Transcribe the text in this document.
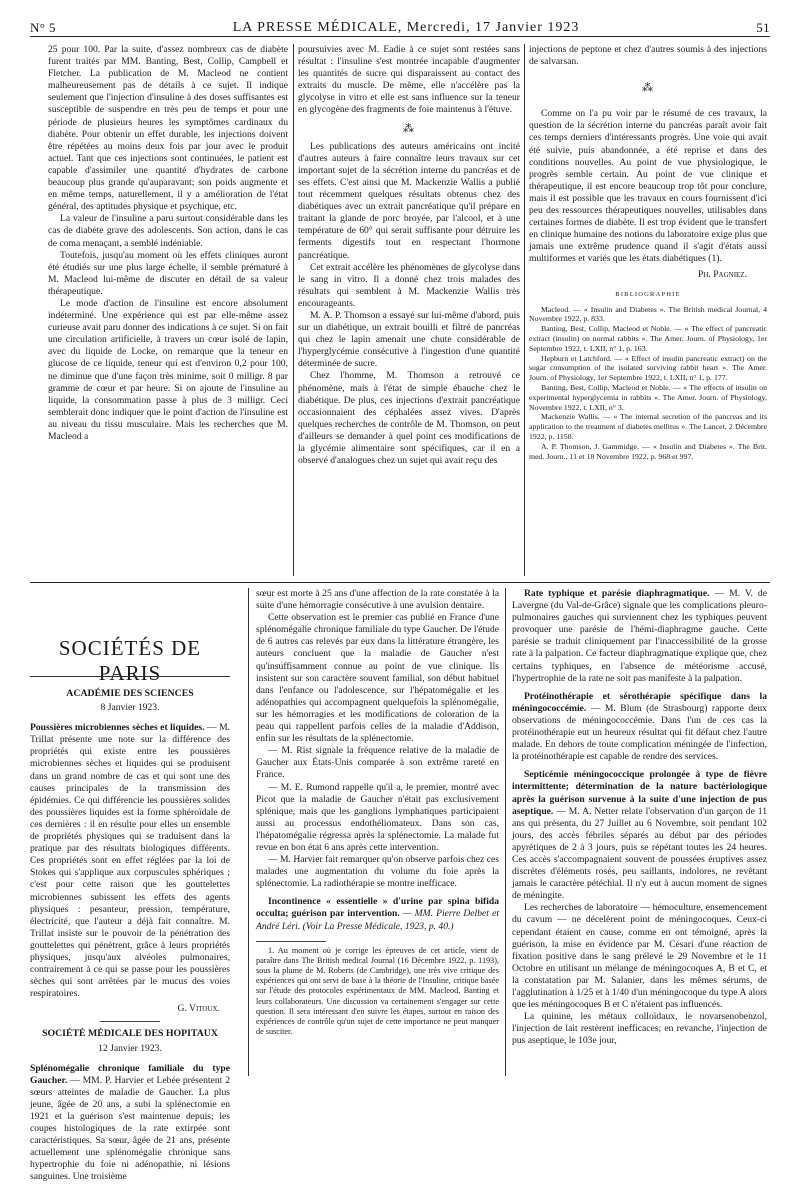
N° 5	LA PRESSE MÉDICALE, Mercredi, 17 Janvier 1923	51

25 pour 100. Par la suite, d'assez nombreux cas de diabète furent traités par MM. Banting, Best, Collip, Campbell et Fletcher. La publication de M. Macleod ne contient malheureusement pas de détails à ce sujet. Il indique seulement que l'injection d'insuline à des doses suffisantes est susceptible de suspendre en très peu de temps et pour une période de plusieurs heures les symptômes cardinaux du diabète. Pour obtenir un effet durable, les injections doivent être répétées au moins deux fois par jour avec le produit actuel. Tant que ces injections sont continuées, le patient est capable d'assimiler une quantité d'hydrates de carbone beaucoup plus grande qu'auparavant; son poids augmente et en même temps, naturellement, il y a amélioration de l'état général, des aptitudes physique et psychique, etc.

La valeur de l'insuline a paru surtout considérable dans les cas de diabète grave des adolescents. Son action, dans le cas de coma menaçant, a semblé indéniable.

Toutefois, jusqu'au moment où les effets cliniques auront été étudiés sur une plus large échelle, il semble prématuré à M. Macleod lui-même de discuter en détail de sa valeur thérapeutique.

Le mode d'action de l'insuline est encore absolument indéterminé. Une expérience qui est par elle-même assez curieuse avait paru donner des indications à ce sujet. Si on fait une circulation artificielle, à travers un cœur isolé de lapin, avec du liquide de Locke, on remarque que la teneur en glucose de ce liquide, teneur qui est d'environ 0,2 pour 100, ne diminue que d'une façon très minime, soit 0 milligr. 8 par gramme de cœur et par heure. Si on ajoute de l'insuline au liquide, la consommation passe à plus de 3 milligr. Ceci semblerait donc indiquer que le point d'action de l'insuline est au niveau du tissu musculaire. Mais les recherches que M. Macleod a

poursuivies avec M. Eadie à ce sujet sont restées sans résultat : l'insuline s'est montrée incapable d'augmenter les quantités de sucre qui disparaissent au contact des extraits du muscle. De même, elle n'accélère pas la glycolyse in vitro et elle est sans influence sur la teneur en glycogène des fragments de foie maintenus à l'étuve.

⁂

Les publications des auteurs américains ont incité d'autres auteurs à faire connaître leurs travaux sur cet important sujet de la sécrétion interne du pancréas et de ses effets. C'est ainsi que M. Mackenzie Wallis a publié tout récemment quelques résultats obtenus chez des diabétiques avec un extrait pancréatique qu'il prépare en traitant la glande de porc broyée, par l'alcool, et à une température de 60° qui serait suffisante pour détruire les ferments digestifs tout en respectant l'hormone pancréatique.

Cet extrait accélère les phénomènes de glycolyse dans le sang in vitro. Il a donné chez trois malades des résultats qui semblent à M. Mackenzie Wallis très encourageants.

M. A. P. Thomson a essayé sur lui-même d'abord, puis sur un diabétique, un extrait bouilli et filtré de pancréas qui chez le lapin amenait une chute considérable de l'hyperglycémie consécutive à l'ingestion d'une quantité déterminée de sucre.

Chez l'homme, M. Thomson a retrouvé ce phénomène, mais à l'état de simple ébauche chez le diabétique. De plus, ces injections d'extrait pancréatique occasionnaient des céphalées assez vives. D'après quelques recherches de contrôle de M. Thomson, on peut d'ailleurs se demander à quel point ces modifications de la glycémie alimentaire sont spécifiques, car il en a observé d'analogues chez un sujet qui avait reçu des

injections de peptone et chez d'autres soumis à des injections de salvarsan.

⁂

Comme on l'a pu voir par le résumé de ces travaux, la question de la sécrétion interne du pancréas paraît avoir fait ces temps derniers d'intéressants progrès. Une voie qui avait été suivie, puis abandonnée, a été reprise et dans des conditions nouvelles. Au point de vue physiologique, le progrès semble certain. Au point de vue clinique et thérapeutique, il est encore beaucoup trop tôt pour conclure, mais il est possible que les travaux en cours fournissent d'ici peu des ressources thérapeutiques nouvelles, utilisables dans certaines formes de diabète. Il est trop évident que le transfert en clinique humaine des notions du laboratoire exige plus que jamais une extrême prudence quand il s'agit d'états aussi multiformes et variés que les états diabétiques (1).

Ph. Pagniez.
BIBLIOGRAPHIE

Macleod. — « Insulin and Diabetes ». The British medical Journal, 4 Novembre 1922, p. 833.

Banting, Best, Collip, Macleod et Noble. — « The effect of pancreatic extract (insulin) on normal rabbits ». The Amer. Journ. of Physiology, 1er Septembre 1922, t. LXII, n° 1, p. 163.

Hepburn et Latchford. — « Effect of insulin pancreatic extract) on the sugar consumption of the isolated surviving rabbit heart ». The Amer. Journ. of Physiology, 1er Septembre 1922, t. LXII, n° 1, p. 177.

Banting, Best, Collip, Macleod et Noble. — « The effects of insulin on experimental hyperglycemia in rabbits ». The Amer. Journ. of Physiology, Novembre 1922, t. LXII, n° 3.

Mackenzie Wallis. — « The internal secretion of the pancreas and its application to the treatment of diabetes mellitus ». The Lancet, 2 Décembre 1922, p. 1158.

A. P. Thomson, J. Gammidge. — « Insulin and Diabetes ». The Brit. med. Journ., 11 et 18 Novembre 1922, p. 968 et 997.

SOCIÉTÉS DE PARIS
ACADÉMIE DES SCIENCES
8 Janvier 1923.

Poussières microbiennes sèches et liquides. — M. Trillat présente une note sur la différence des propriétés qui existe entre les poussières microbiennes sèches et liquides qui se produisent dans un grand nombre de cas et qui sont une des causes principales de la transmission des épidémies. Ce qui différencie les poussières solides des poussières liquides est la forme sphéroïdale de ces dernières : il en résulte pour elles un ensemble de propriétés physiques qui se traduisent dans la pratique par des résultats biologiques différents. Ces propriétés sont en effet réglées par la loi de Stokes qui s'applique aux corpuscules sphériques ; c'est pour cette raison que les gouttelettes microbiennes subissent les effets des agents physiques : pesanteur, pression, température, électricité, que l'auteur a déjà fait connaître. M. Trillat insiste sur le pouvoir de la pénétration des gouttelettes qui pénètrent, grâce à leurs propriétés physiques, jusqu'aux alvéoles pulmonaires, contrairement à ce qui se passe pour les poussières sèches qui sont arrêtées par le mucus des voies respiratoires.

G. Vitoux.
SOCIÉTÉ MÉDICALE DES HOPITAUX
12 Janvier 1923.

Splénomégalie chronique familiale du type Gaucher. — MM. P. Harvier et Lebée présentent 2 sœurs atteintes de maladie de Gaucher. La plus jeune, âgée de 20 ans, a subi la splénectomie en 1921 et la guérison s'est maintenue depuis; les coupes histologiques de la rate extirpée sont caractéristiques. Sa sœur, âgée de 21 ans, présente actuellement une splénomégalie chronique sans hypertrophie du foie ni adénopathie, ni lésions sanguines. Une troisième

sœur est morte à 25 ans d'une affection de la rate constatée à la suite d'une hémorragie consécutive à une avulsion dentaire.

Cette observation est le premier cas publié en France d'une splénomégalie chronique familiale du type Gaucher. De l'étude de 6 autres cas relevés par eux dans la littérature étrangère, les auteurs concluent que la maladie de Gaucher n'est qu'insuffisamment connue au point de vue clinique. Ils insistent sur son caractère souvent familial, son début habituel dans l'enfance ou l'adolescence, sur l'hépatomégalie et les adénopathies qui accompagnent quelquefois la splénomégalie, sur les hémorragies et les modifications de coloration de la peau qui rappellent parfois celles de la maladie d'Addison, enfin sur les résultats de la splénectomie.

— M. Rist signale la fréquence relative de la maladie de Gaucher aux États-Unis comparée à son extrême rareté en France.

— M. E. Rumond rappelle qu'il a, le premier, montré avec Picot que la maladie de Gaucher n'était pas exclusivement splénique, mais que les ganglions lymphatiques participaient aussi au processus endothéliomateux. Dans son cas, l'hépatomégalie régressa après la splénectomie. La malade fut revue en bon état 6 ans après cette intervention.

— M. Harvier fait remarquer qu'on observe parfois chez ces malades une augmentation du volume du foie après la splénectomie. La radiothérapie se montre inefficace.

Incontinence « essentielle » d'urine par spina bifida occulta; guérison par intervention. — MM. Pierre Delbet et André Léri. (Voir La Presse Médicale, 1923, p. 40.)

1. Au moment où je corrige les épreuves de cet article, vient de paraître dans The British medical Journal (16 Décembre 1922, p. 1193), sous la plume de M. Roberts (de Cambridge), une très vive critique des expériences qui ont servi de base à la théorie de l'Insuline, critique basée sur l'étude des protocoles expérimentaux de MM. Macleod, Banting et leurs collaborateurs. Une discussion va certainement s'engager sur cette question. Il sera intéressant d'en suivre les étapes, surtout en raison des expériences de contrôle qu'un sujet de cette importance ne peut manquer de susciter.

Rate typhique et parésie diaphragmatique. — M. V. de Lavergne (du Val-de-Grâce) signale que les complications pleuro-pulmonaires gauches qui surviennent chez les typhiques peuvent provoquer une parésie de l'hémi-diaphragme gauche. Cette parésie se traduit cliniquement par l'inaccessibilité de la grosse rate à la palpation. Ce facteur diaphragmatique explique que, chez certains typhiques, en l'absence de météorisme accusé, l'hypertrophie de la rate ne soit pas manifeste à la palpation.

Protéinothérapie et sérothérapie spécifique dans la méningococcémie. — M. Blum (de Strasbourg) rapporte deux observations de méningococcémie. Dans l'un de ces cas la protéinothérapie eut un heureux résultat qui fit défaut chez l'autre malade. En dehors de toute complication méningée de l'infection, la protéinothérapie est capable de rendre des services.

Septicémie méningococcique prolongée à type de fièvre intermittente; détermination de la nature bactériologique après la guérison survenue à la suite d'une injection de pus aseptique. — M. A. Netter relate l'observation d'un garçon de 11 ans qui présenta, du 27 Juillet au 6 Novembre, soit pendant 102 jours, des accès fébriles séparés au début par des périodes apyrétiques de 2 à 3 jours, puis se répétant toutes les 24 heures. Ces accès s'accompagnaient souvent de poussées éruptives assez discrètes d'éléments rosés, peu saillants, indolores, ne revêtant jamais le caractère pétéchial. Il n'y eut à aucun moment de signes de méningite.

Les recherches de laboratoire — hémoculture, ensemencement du cavum — ne décelèrent point de méningocoques. Ceux-ci cependant étaient en cause, comme en ont témoigné, après la guérison, la mise en évidence par M. Césari d'une réaction de fixation positive dans le sang prélevé le 29 Novembre et le 11 Octobre en utilisant un mélange de méningocoques A, B et C, et la constatation par M. Salanier, dans les mêmes sérums, de l'agglutination à 1/25 et à 1/40 d'un méningocoque du type A alors que les méningocoques B et C n'étaient pas influencés.

La quinine, les métaux colloïdaux, le novarsenobenzol, l'injection de lait restèrent inefficaces; en revanche, l'injection de pus aseptique, le 103e jour,
